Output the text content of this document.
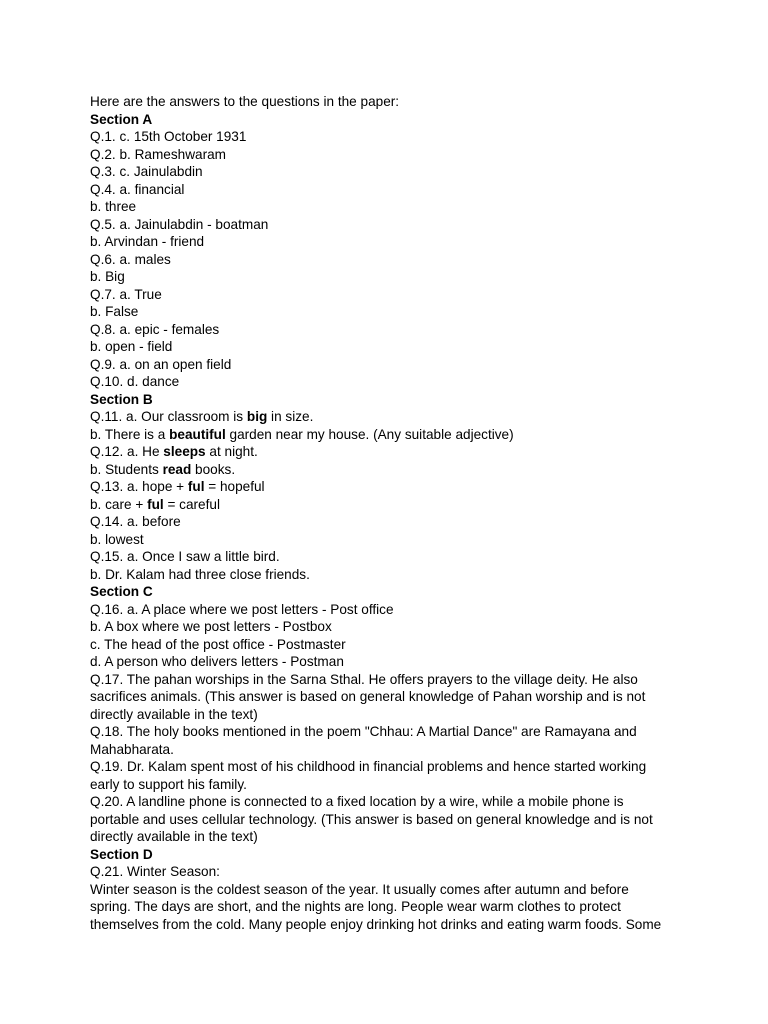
Here are the answers to the questions in the paper:
Section A
Q.1. c. 15th October 1931
Q.2. b. Rameshwaram
Q.3. c. Jainulabdin
Q.4. a. financial
b. three
Q.5. a. Jainulabdin - boatman
b. Arvindan - friend
Q.6. a. males
b. Big
Q.7. a. True
b. False
Q.8. a. epic - females
b. open - field
Q.9. a. on an open field
Q.10. d. dance
Section B
Q.11. a. Our classroom is big in size.
b. There is a beautiful garden near my house. (Any suitable adjective)
Q.12. a. He sleeps at night.
b. Students read books.
Q.13. a. hope + ful = hopeful
b. care + ful = careful
Q.14. a. before
b. lowest
Q.15. a. Once I saw a little bird.
b. Dr. Kalam had three close friends.
Section C
Q.16. a. A place where we post letters - Post office
b. A box where we post letters - Postbox
c. The head of the post office - Postmaster
d. A person who delivers letters - Postman
Q.17. The pahan worships in the Sarna Sthal. He offers prayers to the village deity. He also
sacrifices animals. (This answer is based on general knowledge of Pahan worship and is not
directly available in the text)
Q.18. The holy books mentioned in the poem "Chhau: A Martial Dance" are Ramayana and
Mahabharata.
Q.19. Dr. Kalam spent most of his childhood in financial problems and hence started working
early to support his family.
Q.20. A landline phone is connected to a fixed location by a wire, while a mobile phone is
portable and uses cellular technology. (This answer is based on general knowledge and is not
directly available in the text)
Section D
Q.21. Winter Season:
Winter season is the coldest season of the year. It usually comes after autumn and before
spring. The days are short, and the nights are long. People wear warm clothes to protect
themselves from the cold. Many people enjoy drinking hot drinks and eating warm foods. Some
